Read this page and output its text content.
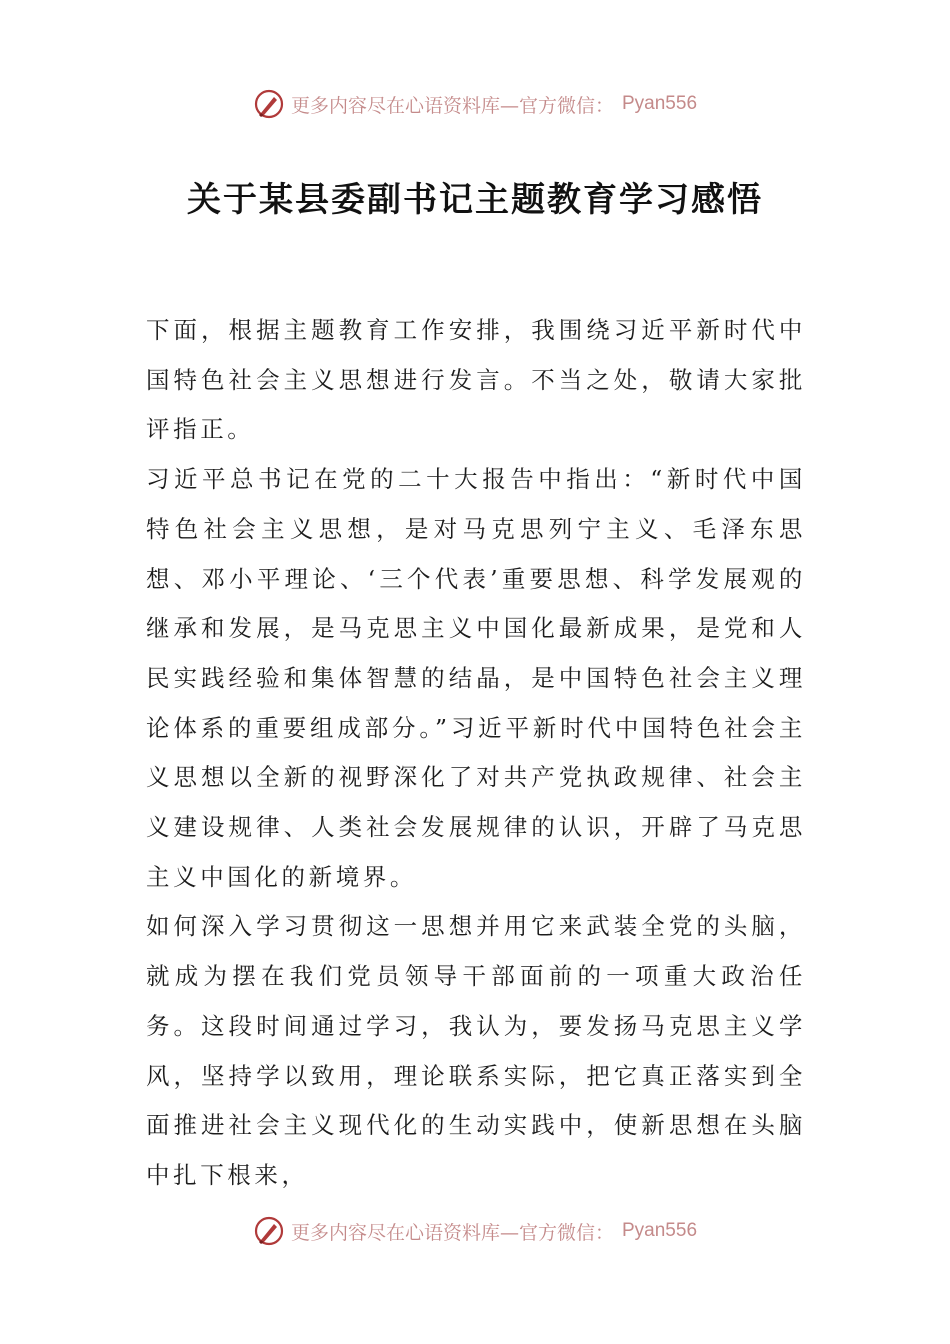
更多内容尽在心语资料库—官方微信： Pyan556
关于某县委副书记主题教育学习感悟

下面，根据主题教育工作安排，我围绕习近平新时代中国特色社会主义思想进行发言。不当之处，敬请大家批评指正。

习近平总书记在党的二十大报告中指出：“新时代中国特色社会主义思想，是对马克思列宁主义、毛泽东思想、邓小平理论、‘三个代表’重要思想、科学发展观的继承和发展，是马克思主义中国化最新成果，是党和人民实践经验和集体智慧的结晶，是中国特色社会主义理论体系的重要组成部分。”习近平新时代中国特色社会主义思想以全新的视野深化了对共产党执政规律、社会主义建设规律、人类社会发展规律的认识，开辟了马克思主义中国化的新境界。

如何深入学习贯彻这一思想并用它来武装全党的头脑，就成为摆在我们党员领导干部面前的一项重大政治任务。这段时间通过学习，我认为，要发扬马克思主义学风，坚持学以致用，理论联系实际，把它真正落实到全面推进社会主义现代化的生动实践中，使新思想在头脑中扎下根来，

更多内容尽在心语资料库—官方微信： Pyan556
